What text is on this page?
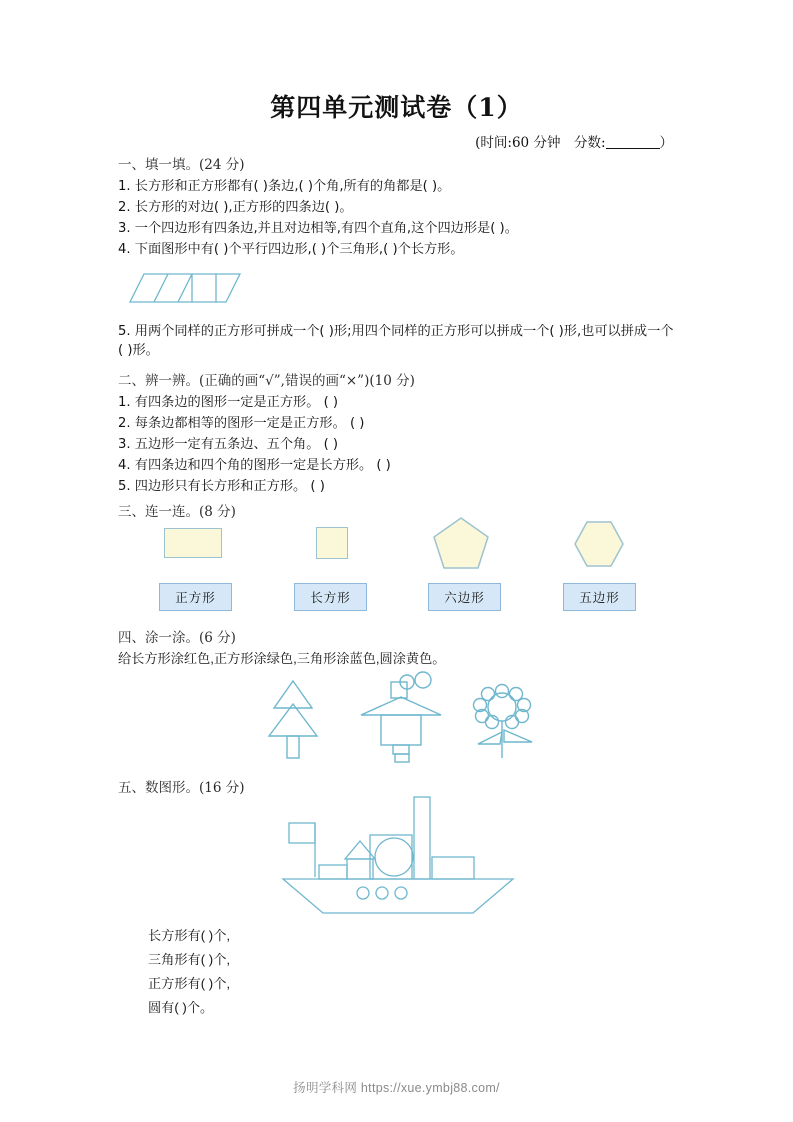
第四单元测试卷（1）
(时间:60 分钟　分数:	）
一、填一填。(24 分)
1. 长方形和正方形都有( )条边,( )个角,所有的角都是( )。
2. 长方形的对边( ),正方形的四条边( )。
3. 一个四边形有四条边,并且对边相等,有四个直角,这个四边形是( )。
4. 下面图形中有( )个平行四边形,( )个三角形,( )个长方形。
5. 用两个同样的正方形可拼成一个( )形;用四个同样的正方形可以拼成一个( )形,也可以拼成一个( )形。
二、辨一辨。(正确的画“√”,错误的画“×”)(10 分)
1. 有四条边的图形一定是正方形。 ( )
2. 每条边都相等的图形一定是正方形。 ( )
3. 五边形一定有五条边、五个角。 ( )
4. 有四条边和四个角的图形一定是长方形。 ( )
5. 四边形只有长方形和正方形。 ( )
三、连一连。(8 分)
正方形	长方形	六边形	五边形
四、涂一涂。(6 分)
给长方形涂红色,正方形涂绿色,三角形涂蓝色,圆涂黄色。
五、数图形。(16 分)
长方形有( )个,
三角形有( )个,
正方形有( )个,
圆有( )个。
扬明学科网 https://xue.ymbj88.com/
